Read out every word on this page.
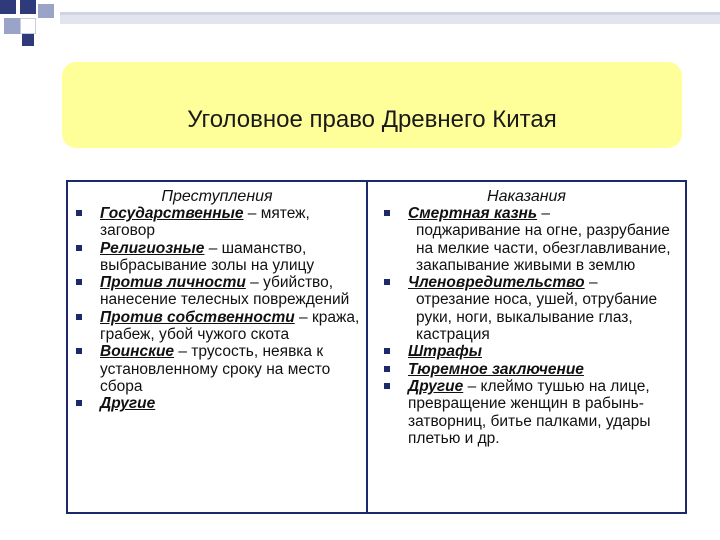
Уголовное право Древнего Китая
Преступления
Государственные – мятеж, заговор
Религиозные – шаманство, выбрасывание золы на улицу
Против личности – убийство, нанесение телесных повреждений
Против собственности – кража, грабеж, убой чужого скота
Воинские – трусость, неявка к установленному сроку на место сбора
Другие
Наказания
Смертная казнь –
поджаривание на огне, разрубание на мелкие части, обезглавливание, закапывание живыми в землю
Членовредительство –
отрезание носа, ушей, отрубание руки, ноги, выкалывание глаз, кастрация
Штрафы
Тюремное заключение
Другие – клеймо тушью на лице, превращение женщин в рабынь-затворниц, битье палками, удары плетью и др.
